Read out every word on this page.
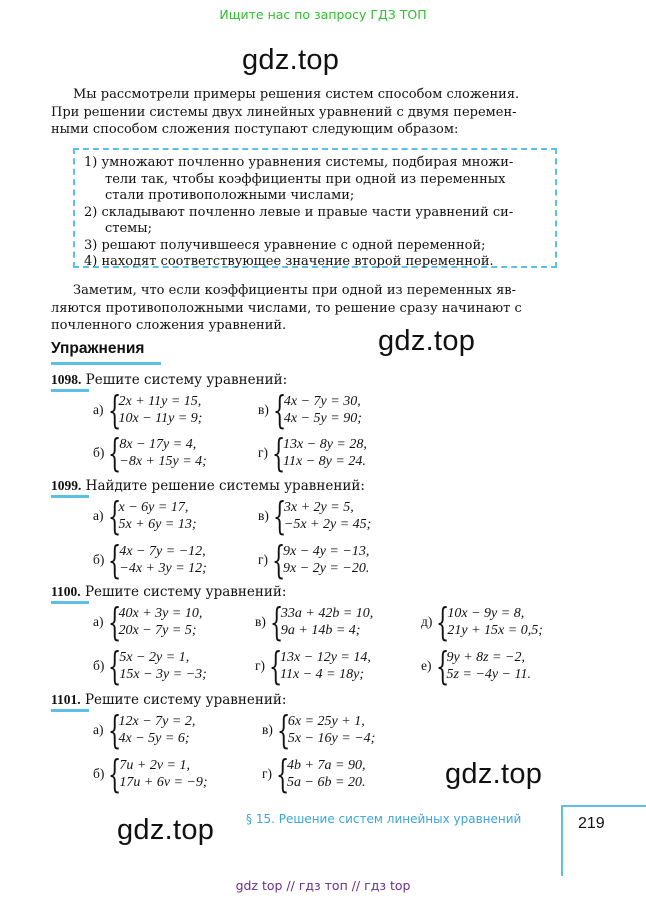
Ищите нас по запросу ГДЗ ТОП
gdz.top
Мы рассмотрели примеры решения систем способом сложения.
При решении системы двух линейных уравнений с двумя перемен-
ными способом сложения поступают следующим образом:
1) умножают почленно уравнения системы, подбирая множи-
тели так, чтобы коэффициенты при одной из переменных
стали противоположными числами;
2) складывают почленно левые и правые части уравнений си-
стемы;
3) решают получившееся уравнение с одной переменной;
4) находят соответствующее значение второй переменной.
Заметим, что если коэффициенты при одной из переменных яв-
ляются противоположными числами, то решение сразу начинают с
почленного сложения уравнений.	gdz.top
Упражнения
1098. Решите систему уравнений:
а) {
2x + 11y = 15,
10x − 11y = 9;
в) {
4x − 7y = 30,
4x − 5y = 90;
б) {
8x − 17y = 4,
−8x + 15y = 4;
г) {
13x − 8y = 28,
11x − 8y = 24.
1099. Найдите решение системы уравнений:
а) {
x − 6y = 17,
5x + 6y = 13;
в) {
3x + 2y = 5,
−5x + 2y = 45;
б) {
4x − 7y = −12,
−4x + 3y = 12;
г) {
9x − 4y = −13,
9x − 2y = −20.
1100. Решите систему уравнений:
а) {
40x + 3y = 10,
20x − 7y = 5;
в) {
33a + 42b = 10,
9a + 14b = 4;
д) {
10x − 9y = 8,
21y + 15x = 0,5;
б) {
5x − 2y = 1,
15x − 3y = −3;
г) {
13x − 12y = 14,
11x − 4 = 18y;
е) {
9y + 8z = −2,
5z = −4y − 11.
1101. Решите систему уравнений:
а) {
12x − 7y = 2,
4x − 5y = 6;
в) {
6x = 25y + 1,
5x − 16y = −4;
б) {
7u + 2v = 1,
17u + 6v = −9;
г) {
4b + 7a = 90,
5a − 6b = 20.	gdz.top
gdz.top	§ 15. Решение систем линейных уравнений	219
gdz top // гдз топ // гдз top
